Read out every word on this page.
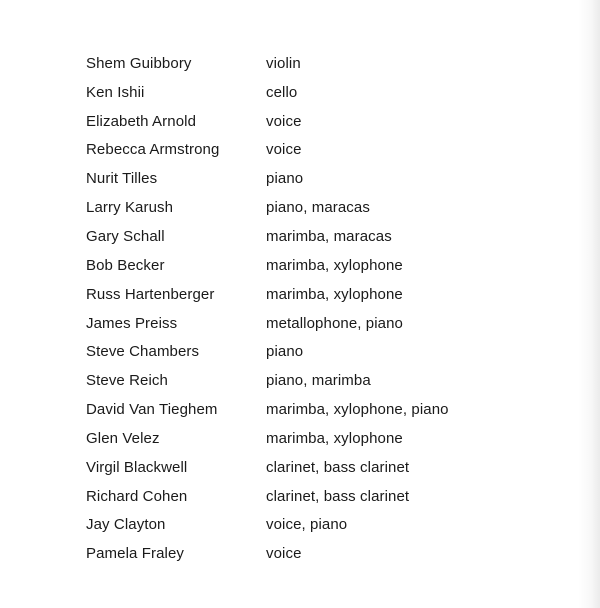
Shem Guibbory	violin
Ken Ishii	cello
Elizabeth Arnold	voice
Rebecca Armstrong	voice
Nurit Tilles	piano
Larry Karush	piano, maracas
Gary Schall	marimba, maracas
Bob Becker	marimba, xylophone
Russ Hartenberger	marimba, xylophone
James Preiss	metallophone, piano
Steve Chambers	piano
Steve Reich	piano, marimba
David Van Tieghem	marimba, xylophone, piano
Glen Velez	marimba, xylophone
Virgil Blackwell	clarinet, bass clarinet
Richard Cohen	clarinet, bass clarinet
Jay Clayton	voice, piano
Pamela Fraley	voice
